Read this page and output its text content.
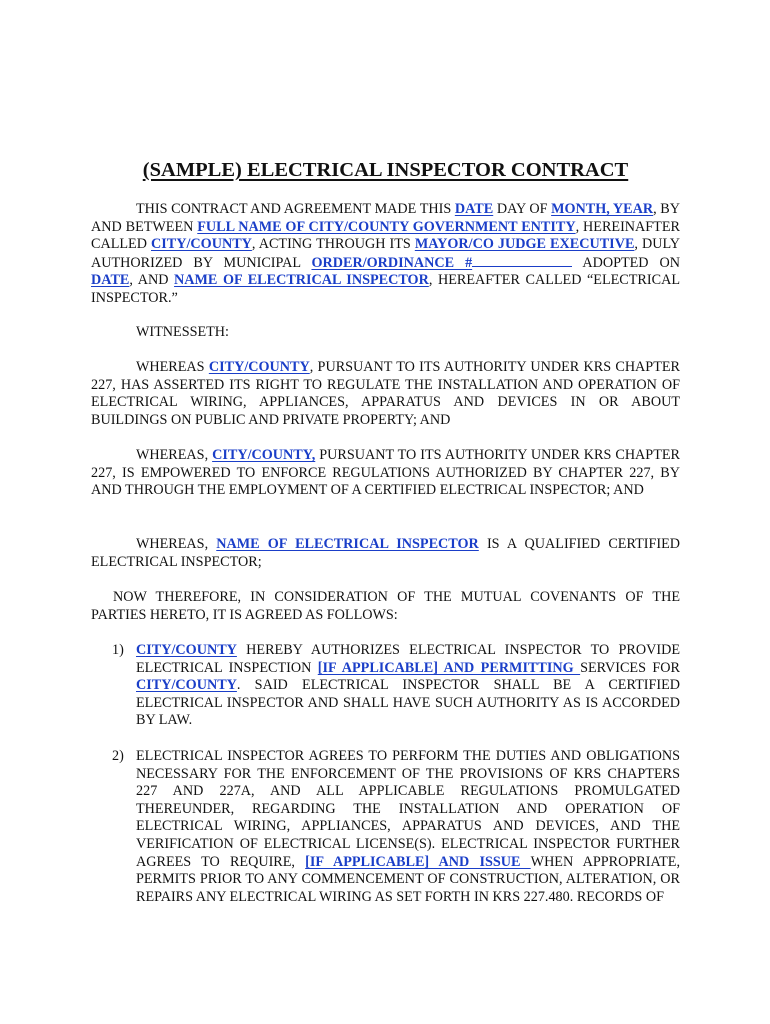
(SAMPLE) ELECTRICAL INSPECTOR CONTRACT

THIS CONTRACT AND AGREEMENT MADE THIS DATE DAY OF MONTH, YEAR, BY AND BETWEEN FULL NAME OF CITY/COUNTY GOVERNMENT ENTITY, HEREINAFTER CALLED CITY/COUNTY, ACTING THROUGH ITS MAYOR/CO JUDGE EXECUTIVE, DULY AUTHORIZED BY MUNICIPAL ORDER/ORDINANCE #	ADOPTED ON DATE, AND NAME OF ELECTRICAL INSPECTOR, HEREAFTER CALLED “ELECTRICAL INSPECTOR.”

WITNESSETH:

WHEREAS CITY/COUNTY, PURSUANT TO ITS AUTHORITY UNDER KRS CHAPTER 227, HAS ASSERTED ITS RIGHT TO REGULATE THE INSTALLATION AND OPERATION OF ELECTRICAL WIRING, APPLIANCES, APPARATUS AND DEVICES IN OR ABOUT BUILDINGS ON PUBLIC AND PRIVATE PROPERTY; AND

WHEREAS, CITY/COUNTY, PURSUANT TO ITS AUTHORITY UNDER KRS CHAPTER 227, IS EMPOWERED TO ENFORCE REGULATIONS AUTHORIZED BY CHAPTER 227, BY AND THROUGH THE EMPLOYMENT OF A CERTIFIED ELECTRICAL INSPECTOR; AND

WHEREAS, NAME OF ELECTRICAL INSPECTOR IS A QUALIFIED CERTIFIED ELECTRICAL INSPECTOR;

NOW THEREFORE, IN CONSIDERATION OF THE MUTUAL COVENANTS OF THE PARTIES HERETO, IT IS AGREED AS FOLLOWS:

1) CITY/COUNTY HEREBY AUTHORIZES ELECTRICAL INSPECTOR TO PROVIDE ELECTRICAL INSPECTION [IF APPLICABLE] AND PERMITTING SERVICES FOR CITY/COUNTY. SAID ELECTRICAL INSPECTOR SHALL BE A CERTIFIED ELECTRICAL INSPECTOR AND SHALL HAVE SUCH AUTHORITY AS IS ACCORDED BY LAW.
2) ELECTRICAL INSPECTOR AGREES TO PERFORM THE DUTIES AND OBLIGATIONS NECESSARY FOR THE ENFORCEMENT OF THE PROVISIONS OF KRS CHAPTERS 227 AND 227A, AND ALL APPLICABLE REGULATIONS PROMULGATED THEREUNDER, REGARDING THE INSTALLATION AND OPERATION OF ELECTRICAL WIRING, APPLIANCES, APPARATUS AND DEVICES, AND THE VERIFICATION OF ELECTRICAL LICENSE(S). ELECTRICAL INSPECTOR FURTHER AGREES TO REQUIRE, [IF APPLICABLE] AND ISSUE WHEN APPROPRIATE, PERMITS PRIOR TO ANY COMMENCEMENT OF CONSTRUCTION, ALTERATION, OR REPAIRS ANY ELECTRICAL WIRING AS SET FORTH IN KRS 227.480. RECORDS OF
